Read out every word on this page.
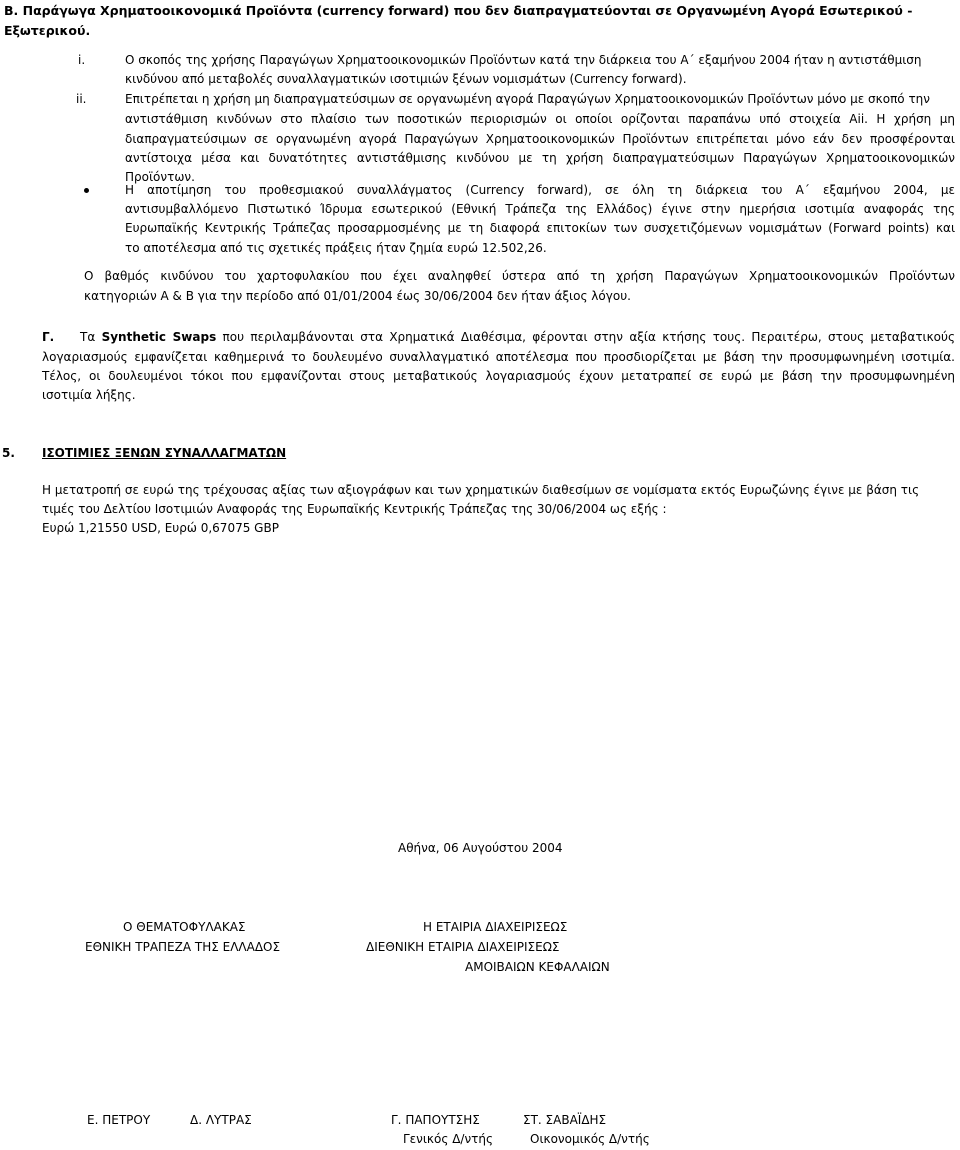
Β. Παράγωγα Χρηματοοικονομικά Προϊόντα (currency forward) που δεν διαπραγματεύονται σε Οργανωμένη Αγορά Εσωτερικού -
Εξωτερικού.
i.	Ο σκοπός της χρήσης Παραγώγων Χρηματοοικονομικών Προϊόντων κατά την διάρκεια του Α΄ εξαμήνου 2004 ήταν η αντιστάθμιση
κινδύνου από μεταβολές συναλλαγματικών ισοτιμιών ξένων νομισμάτων (Currency forward).
ii.	Επιτρέπεται η χρήση μη διαπραγματεύσιμων σε οργανωμένη αγορά Παραγώγων Χρηματοοικονομικών Προϊόντων μόνο με σκοπό την
αντιστάθμιση κινδύνων στο πλαίσιο των ποσοτικών περιορισμών οι οποίοι ορίζονται παραπάνω υπό στοιχεία Aii. Η χρήση μη
διαπραγματεύσιμων σε οργανωμένη αγορά Παραγώγων Χρηματοοικονομικών Προϊόντων επιτρέπεται μόνο εάν δεν προσφέρονται
αντίστοιχα μέσα και δυνατότητες αντιστάθμισης κινδύνου με τη χρήση διαπραγματεύσιμων Παραγώγων Χρηματοοικονομικών
Προϊόντων.
Η αποτίμηση του προθεσμιακού συναλλάγματος (Currency forward), σε όλη τη διάρκεια του Α΄ εξαμήνου 2004, με
αντισυμβαλλόμενο Πιστωτικό Ίδρυμα εσωτερικού (Εθνική Τράπεζα της Ελλάδος) έγινε στην ημερήσια ισοτιμία αναφοράς της
Ευρωπαϊκής Κεντρικής Τράπεζας προσαρμοσμένης με τη διαφορά επιτοκίων των συσχετιζόμενων νομισμάτων (Forward points) και
το αποτέλεσμα από τις σχετικές πράξεις ήταν ζημία ευρώ 12.502,26.
Ο βαθμός κινδύνου του χαρτοφυλακίου που έχει αναληφθεί ύστερα από τη χρήση Παραγώγων Χρηματοοικονομικών Προϊόντων
κατηγοριών Α & Β για την περίοδο από 01/01/2004 έως 30/06/2004 δεν ήταν άξιος λόγου.
Γ. Τα Synthetic Swaps που περιλαμβάνονται στα Χρηματικά Διαθέσιμα, φέρονται στην αξία κτήσης τους. Περαιτέρω, στους μεταβατικούς
λογαριασμούς εμφανίζεται καθημερινά το δουλευμένο συναλλαγματικό αποτέλεσμα που προσδιορίζεται με βάση την προσυμφωνημένη ισοτιμία.
Τέλος, οι δουλευμένοι τόκοι που εμφανίζονται στους μεταβατικούς λογαριασμούς έχουν μετατραπεί σε ευρώ με βάση την προσυμφωνημένη
ισοτιμία λήξης.
5. ΙΣΟΤΙΜΙΕΣ ΞΕΝΩΝ ΣΥΝΑΛΛΑΓΜΑΤΩΝ
Η μετατροπή σε ευρώ της τρέχουσας αξίας των αξιογράφων και των χρηματικών διαθεσίμων σε νομίσματα εκτός Ευρωζώνης έγινε με βάση τις
τιμές του Δελτίου Ισοτιμιών Αναφοράς της Ευρωπαϊκής Κεντρικής Τράπεζας της 30/06/2004 ως εξής :
Ευρώ 1,21550 USD, Ευρώ 0,67075 GBP
Αθήνα, 06 Αυγούστου 2004
Ο ΘΕΜΑΤΟΦΥΛΑΚΑΣ
ΕΘΝΙΚΗ ΤΡΑΠΕΖΑ ΤΗΣ ΕΛΛΑΔΟΣ
Η ΕΤΑΙΡΙΑ ΔΙΑΧΕΙΡΙΣΕΩΣ
ΔΙΕΘΝΙΚΗ ΕΤΑΙΡΙΑ ΔΙΑΧΕΙΡΙΣΕΩΣ
ΑΜΟΙΒΑΙΩΝ ΚΕΦΑΛΑΙΩΝ
Ε. ΠΕΤΡΟΥ	Δ. ΛΥΤΡΑΣ	Γ. ΠΑΠΟΥΤΣΗΣ	ΣΤ. ΣΑΒΑΪΔΗΣ
Γενικός Δ/ντής	Οικονομικός Δ/ντής
